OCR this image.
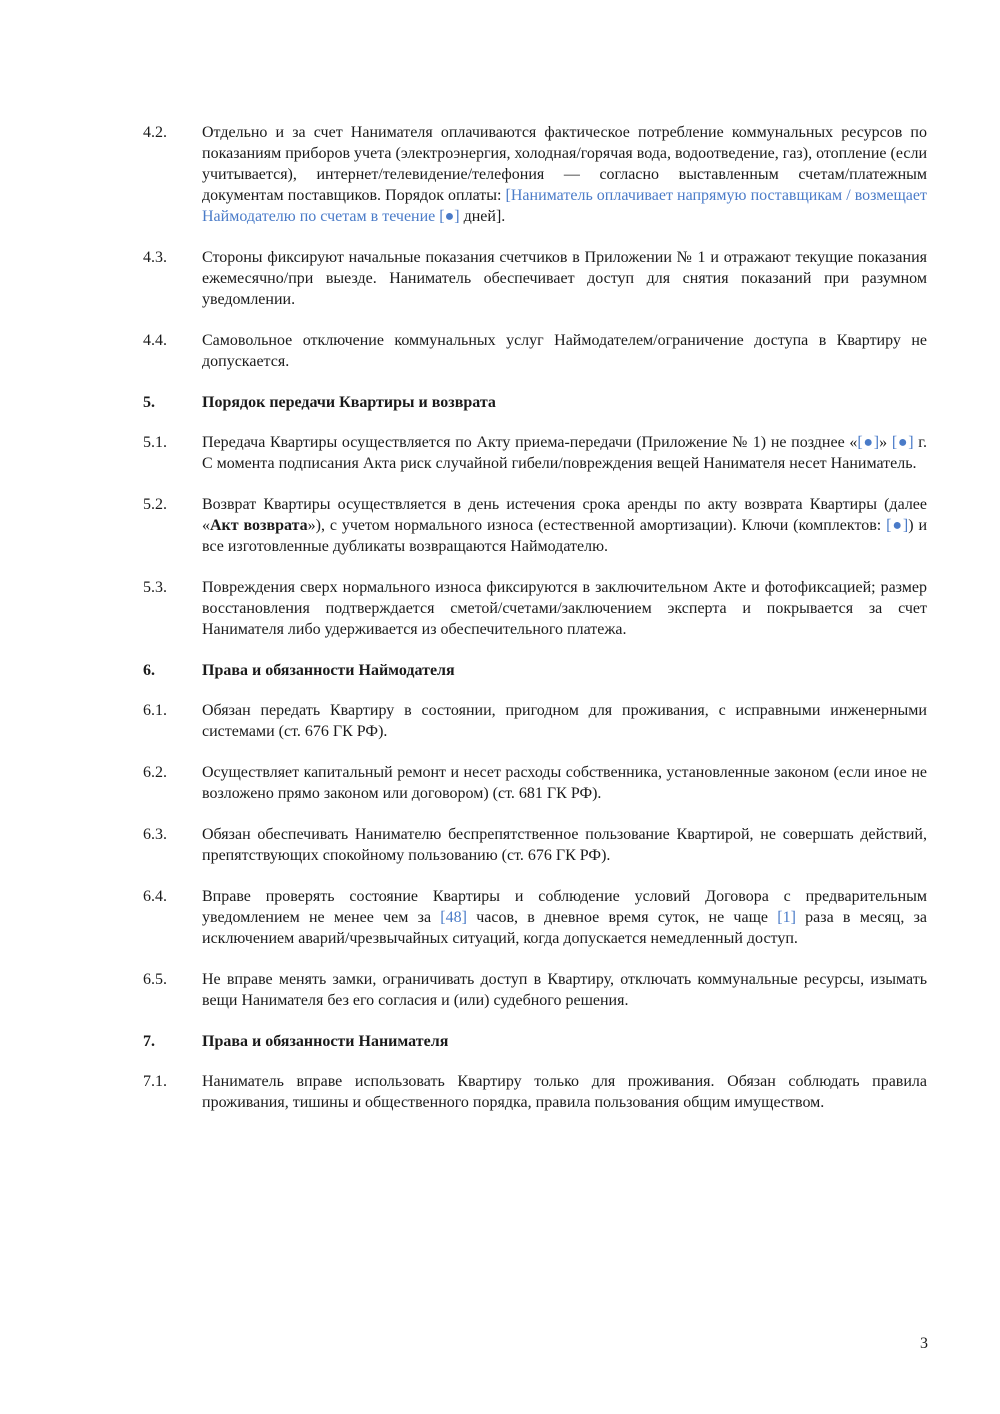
4.2.	Отдельно и за счет Нанимателя оплачиваются фактическое потребление коммунальных ресурсов по показаниям приборов учета (электроэнергия, холодная/горячая вода, водоотведение, газ), отопление (если учитывается), интернет/телевидение/телефония — согласно выставленным счетам/платежным документам поставщиков. Порядок оплаты: [Наниматель оплачивает напрямую поставщикам / возмещает Наймодателю по счетам в течение [●] дней].
4.3.	Стороны фиксируют начальные показания счетчиков в Приложении № 1 и отражают текущие показания ежемесячно/при выезде. Наниматель обеспечивает доступ для снятия показаний при разумном уведомлении.
4.4.	Самовольное отключение коммунальных услуг Наймодателем/ограничение доступа в Квартиру не допускается.
5.	Порядок передачи Квартиры и возврата
5.1.	Передача Квартиры осуществляется по Акту приема-передачи (Приложение № 1) не позднее «[●]» [●] г. С момента подписания Акта риск случайной гибели/повреждения вещей Нанимателя несет Наниматель.
5.2.	Возврат Квартиры осуществляется в день истечения срока аренды по акту возврата Квартиры (далее «Акт возврата»), с учетом нормального износа (естественной амортизации). Ключи (комплектов: [●]) и все изготовленные дубликаты возвращаются Наймодателю.
5.3.	Повреждения сверх нормального износа фиксируются в заключительном Акте и фотофиксацией; размер восстановления подтверждается сметой/счетами/заключением эксперта и покрывается за счет Нанимателя либо удерживается из обеспечительного платежа.
6.	Права и обязанности Наймодателя
6.1.	Обязан передать Квартиру в состоянии, пригодном для проживания, с исправными инженерными системами (ст. 676 ГК РФ).
6.2.	Осуществляет капитальный ремонт и несет расходы собственника, установленные законом (если иное не возложено прямо законом или договором) (ст. 681 ГК РФ).
6.3.	Обязан обеспечивать Нанимателю беспрепятственное пользование Квартирой, не совершать действий, препятствующих спокойному пользованию (ст. 676 ГК РФ).
6.4.	Вправе проверять состояние Квартиры и соблюдение условий Договора с предварительным уведомлением не менее чем за [48] часов, в дневное время суток, не чаще [1] раза в месяц, за исключением аварий/чрезвычайных ситуаций, когда допускается немедленный доступ.
6.5.	Не вправе менять замки, ограничивать доступ в Квартиру, отключать коммунальные ресурсы, изымать вещи Нанимателя без его согласия и (или) судебного решения.
7.	Права и обязанности Нанимателя
7.1.	Наниматель вправе использовать Квартиру только для проживания. Обязан соблюдать правила проживания, тишины и общественного порядка, правила пользования общим имуществом.
3
